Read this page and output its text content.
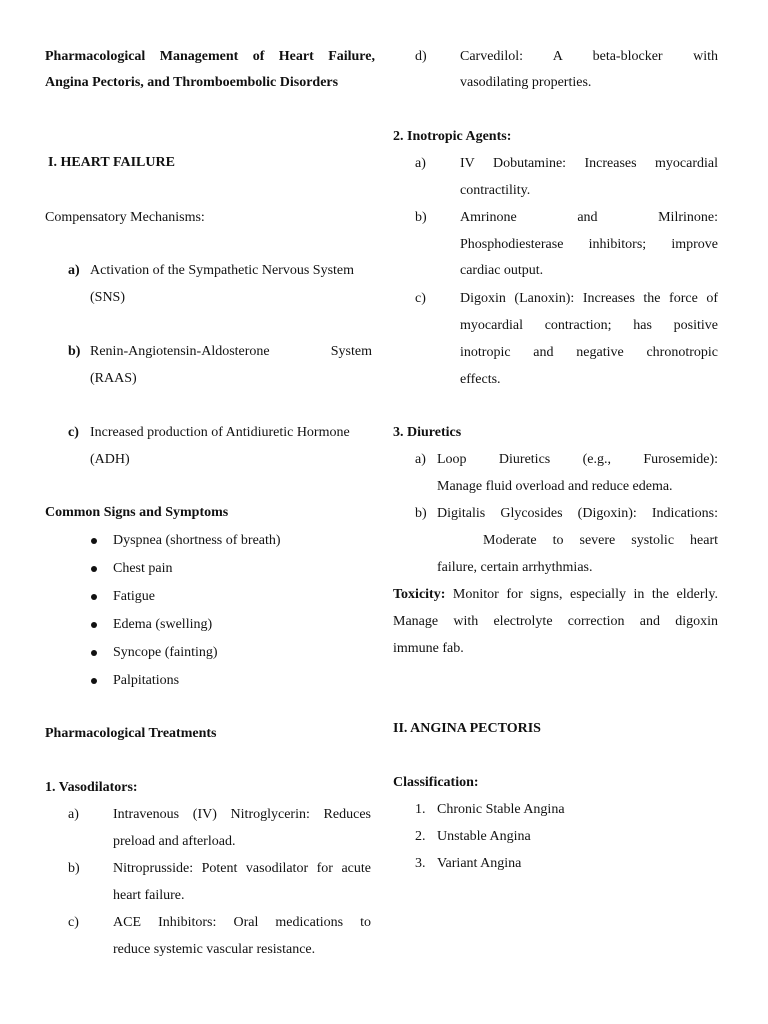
Pharmacological Management of Heart Failure,
Angina Pectoris, and Thromboembolic Disorders
I. HEART FAILURE
Compensatory Mechanisms:
a) Activation of the Sympathetic Nervous System
(SNS)
b) Renin-Angiotensin-Aldosterone System
(RAAS)
c) Increased production of Antidiuretic Hormone
(ADH)
Common Signs and Symptoms
Dyspnea (shortness of breath)
Chest pain
Fatigue
Edema (swelling)
Syncope (fainting)
Palpitations
Pharmacological Treatments
1. Vasodilators:
a) Intravenous (IV) Nitroglycerin: Reduces
preload and afterload.
b) Nitroprusside: Potent vasodilator for acute
heart failure.
c) ACE Inhibitors: Oral medications to
reduce systemic vascular resistance.
d) Carvedilol: A beta-blocker with
vasodilating properties.
2. Inotropic Agents:
a) IV Dobutamine: Increases myocardial
contractility.
b) Amrinone and Milrinone:
Phosphodiesterase inhibitors; improve
cardiac output.
c) Digoxin (Lanoxin): Increases the force of
myocardial contraction; has positive
inotropic and negative chronotropic
effects.
3. Diuretics
a) Loop Diuretics (e.g., Furosemide):
Manage fluid overload and reduce edema.
b) Digitalis Glycosides (Digoxin): Indications:
Moderate to severe systolic heart
failure, certain arrhythmias.
Toxicity: Monitor for signs, especially in the elderly.
Manage with electrolyte correction and digoxin
immune fab.
II. ANGINA PECTORIS
Classification:
1. Chronic Stable Angina
2. Unstable Angina
3. Variant Angina
